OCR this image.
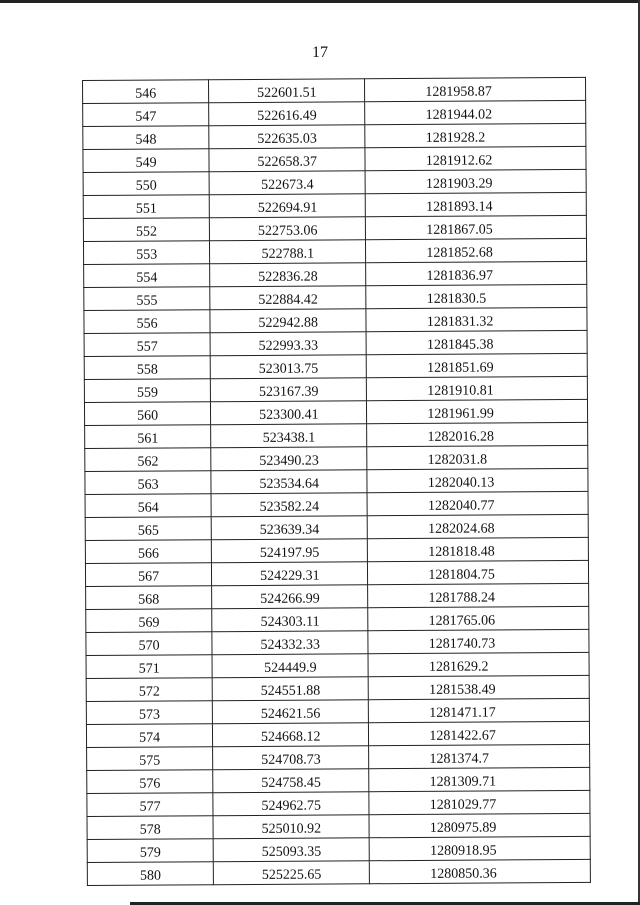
17
546	522601.51	1281958.87
547	522616.49	1281944.02
548	522635.03	1281928.2
549	522658.37	1281912.62
550	522673.4	1281903.29
551	522694.91	1281893.14
552	522753.06	1281867.05
553	522788.1	1281852.68
554	522836.28	1281836.97
555	522884.42	1281830.5
556	522942.88	1281831.32
557	522993.33	1281845.38
558	523013.75	1281851.69
559	523167.39	1281910.81
560	523300.41	1281961.99
561	523438.1	1282016.28
562	523490.23	1282031.8
563	523534.64	1282040.13
564	523582.24	1282040.77
565	523639.34	1282024.68
566	524197.95	1281818.48
567	524229.31	1281804.75
568	524266.99	1281788.24
569	524303.11	1281765.06
570	524332.33	1281740.73
571	524449.9	1281629.2
572	524551.88	1281538.49
573	524621.56	1281471.17
574	524668.12	1281422.67
575	524708.73	1281374.7
576	524758.45	1281309.71
577	524962.75	1281029.77
578	525010.92	1280975.89
579	525093.35	1280918.95
580	525225.65	1280850.36
